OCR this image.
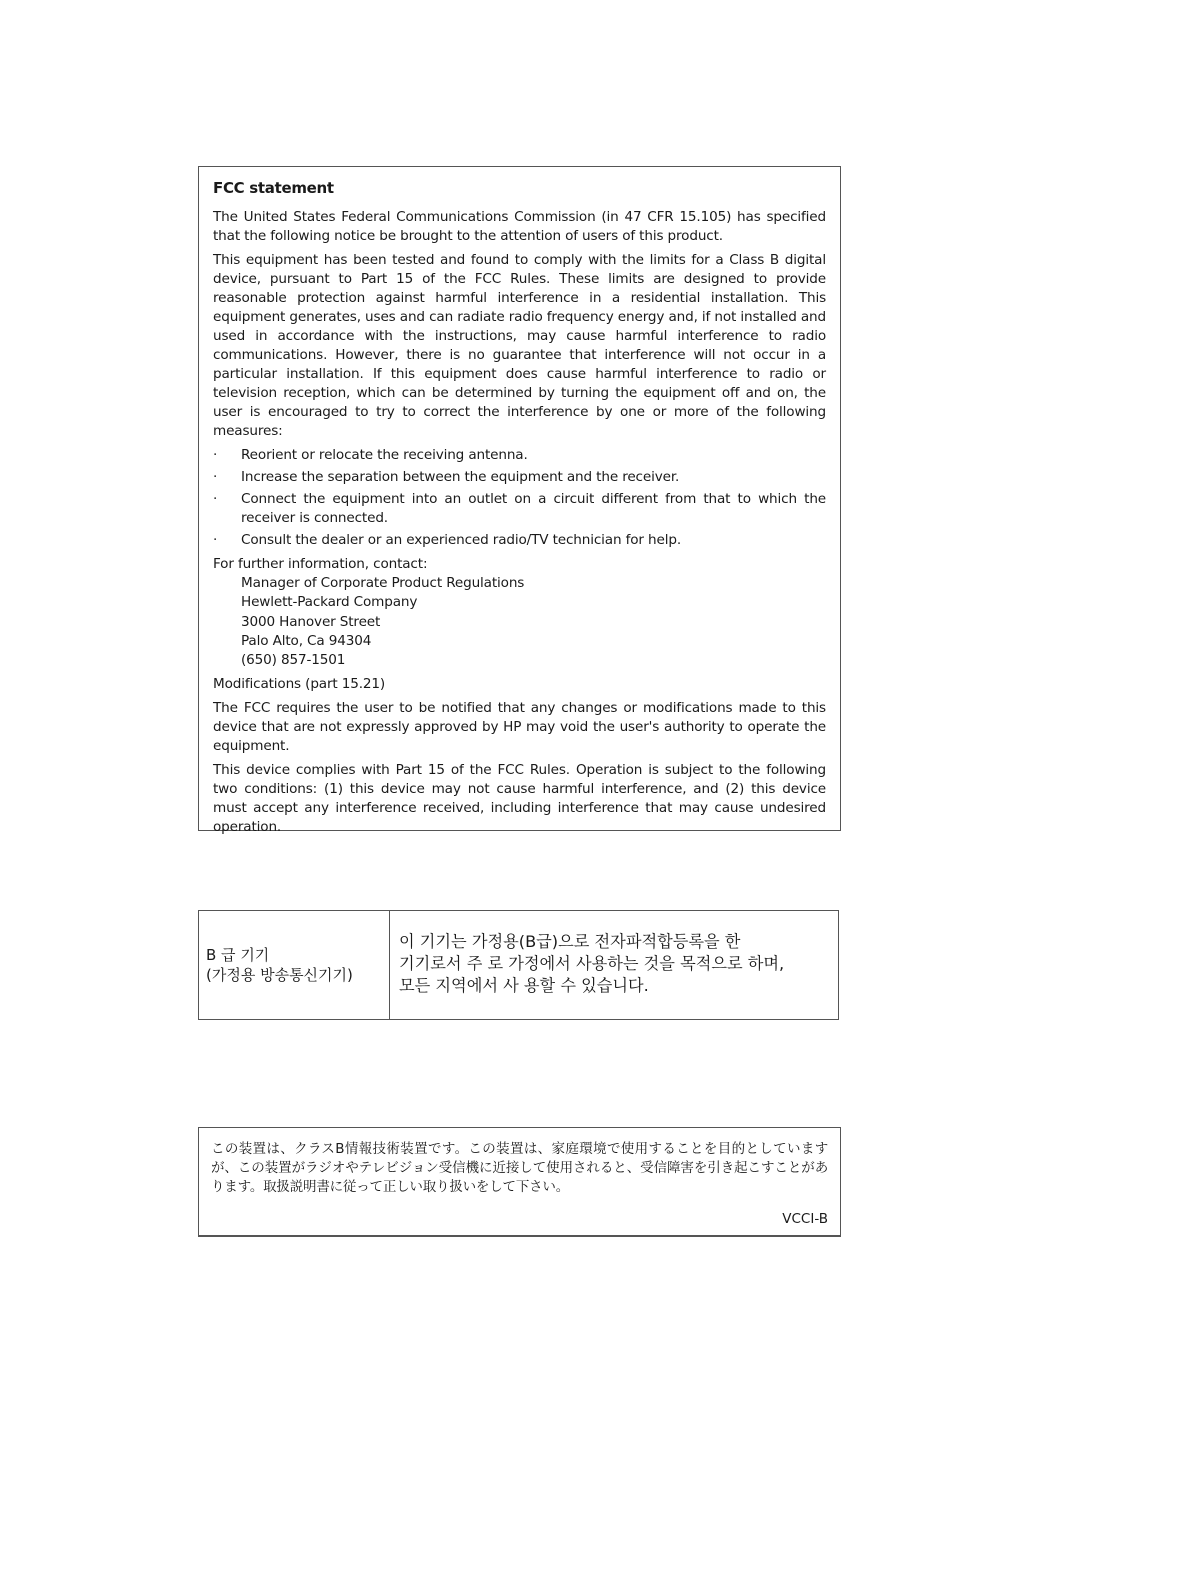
FCC statement

The United States Federal Communications Commission (in 47 CFR 15.105) has specified that the following notice be brought to the attention of users of this product.

This equipment has been tested and found to comply with the limits for a Class B digital device, pursuant to Part 15 of the FCC Rules. These limits are designed to provide reasonable protection against harmful interference in a residential installation. This equipment generates, uses and can radiate radio frequency energy and, if not installed and used in accordance with the instructions, may cause harmful interference to radio communications. However, there is no guarantee that interference will not occur in a particular installation. If this equipment does cause harmful interference to radio or television reception, which can be determined by turning the equipment off and on, the user is encouraged to try to correct the interference by one or more of the following measures:

· Reorient or relocate the receiving antenna.
· Increase the separation between the equipment and the receiver.
· Connect the equipment into an outlet on a circuit different from that to which the receiver is connected.
· Consult the dealer or an experienced radio/TV technician for help.

For further information, contact:

Manager of Corporate Product Regulations
Hewlett-Packard Company
3000 Hanover Street
Palo Alto, Ca 94304
(650) 857-1501

Modifications (part 15.21)

The FCC requires the user to be notified that any changes or modifications made to this device that are not expressly approved by HP may void the user's authority to operate the equipment.

This device complies with Part 15 of the FCC Rules. Operation is subject to the following two conditions: (1) this device may not cause harmful interference, and (2) this device must accept any interference received, including interference that may cause undesired operation.

B 급 기기
(가정용 방송통신기기)
이 기기는 가정용(B급)으로 전자파적합등록을 한
기기로서 주 로 가정에서 사용하는 것을 목적으로 하며,
모든 지역에서 사 용할 수 있습니다.
この装置は、クラスB情報技術装置です。この装置は、家庭環境で使用することを目的としていますが、この装置がラジオやテレビジョン受信機に近接して使用されると、受信障害を引き起こすことがあります。取扱説明書に従って正しい取り扱いをして下さい。
VCCI-B
